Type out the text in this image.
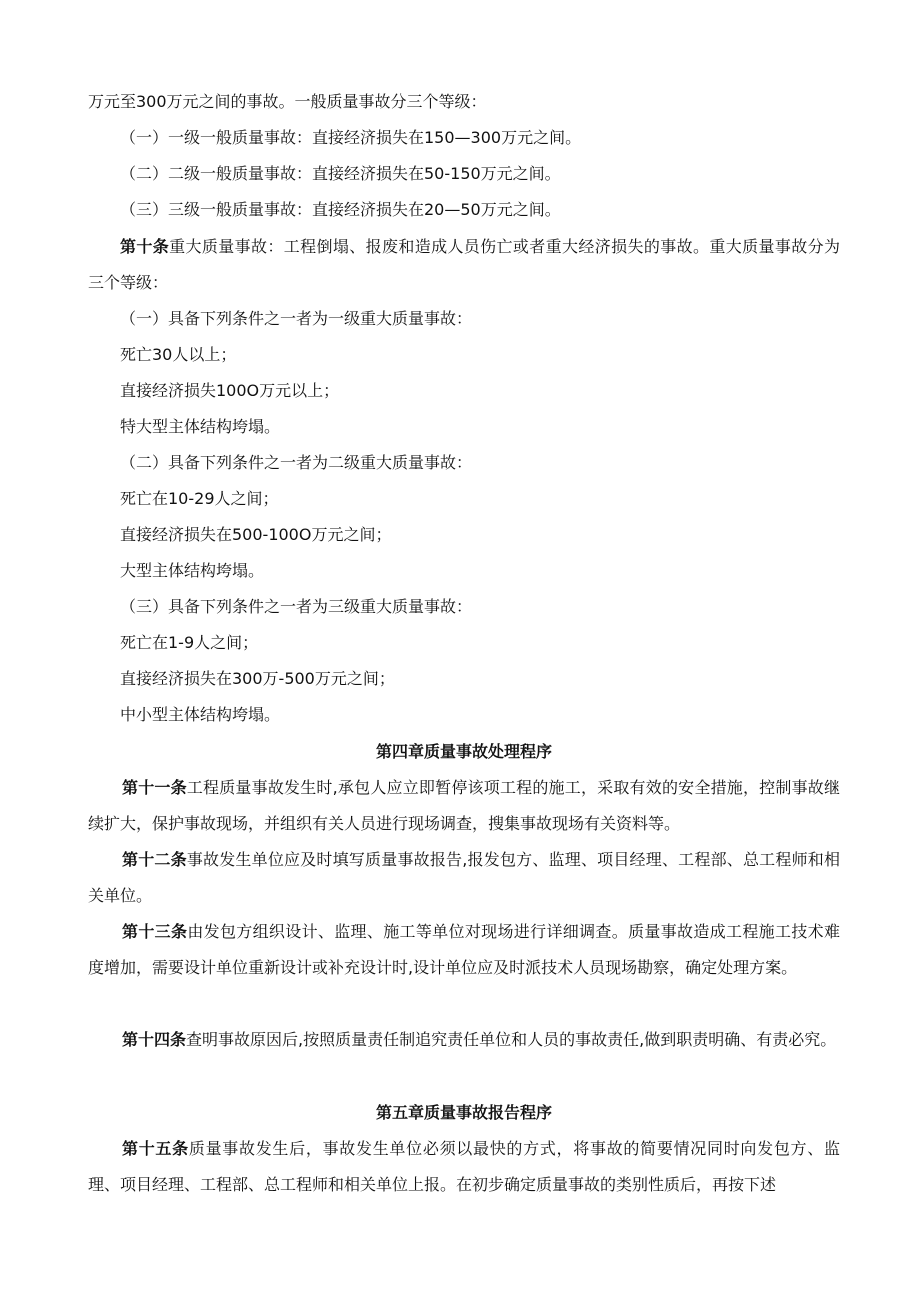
万元至300万元之间的事故。一般质量事故分三个等级：
（一）一级一般质量事故：直接经济损失在150—300万元之间。
（二）二级一般质量事故：直接经济损失在50-150万元之间。
（三）三级一般质量事故：直接经济损失在20—50万元之间。
第十条重大质量事故：工程倒塌、报废和造成人员伤亡或者重大经济损失的事故。重大质量事故分为三个等级：
（一）具备下列条件之一者为一级重大质量事故：
死亡30人以上；
直接经济损失100O万元以上；
特大型主体结构垮塌。
（二）具备下列条件之一者为二级重大质量事故：
死亡在10-29人之间；
直接经济损失在500-100O万元之间；
大型主体结构垮塌。
（三）具备下列条件之一者为三级重大质量事故：
死亡在1-9人之间；
直接经济损失在300万-500万元之间；
中小型主体结构垮塌。
第四章质量事故处理程序
第十一条工程质量事故发生时,承包人应立即暂停该项工程的施工，采取有效的安全措施，控制事故继续扩大，保护事故现场，并组织有关人员进行现场调查，搜集事故现场有关资料等。
第十二条事故发生单位应及时填写质量事故报告,报发包方、监理、项目经理、工程部、总工程师和相关单位。
第十三条由发包方组织设计、监理、施工等单位对现场进行详细调查。质量事故造成工程施工技术难度增加，需要设计单位重新设计或补充设计时,设计单位应及时派技术人员现场勘察，确定处理方案。
第十四条查明事故原因后,按照质量责任制追究责任单位和人员的事故责任,做到职责明确、有责必究。
第五章质量事故报告程序
第十五条质量事故发生后，事故发生单位必须以最快的方式，将事故的简要情况同时向发包方、监理、项目经理、工程部、总工程师和相关单位上报。在初步确定质量事故的类别性质后，再按下述
